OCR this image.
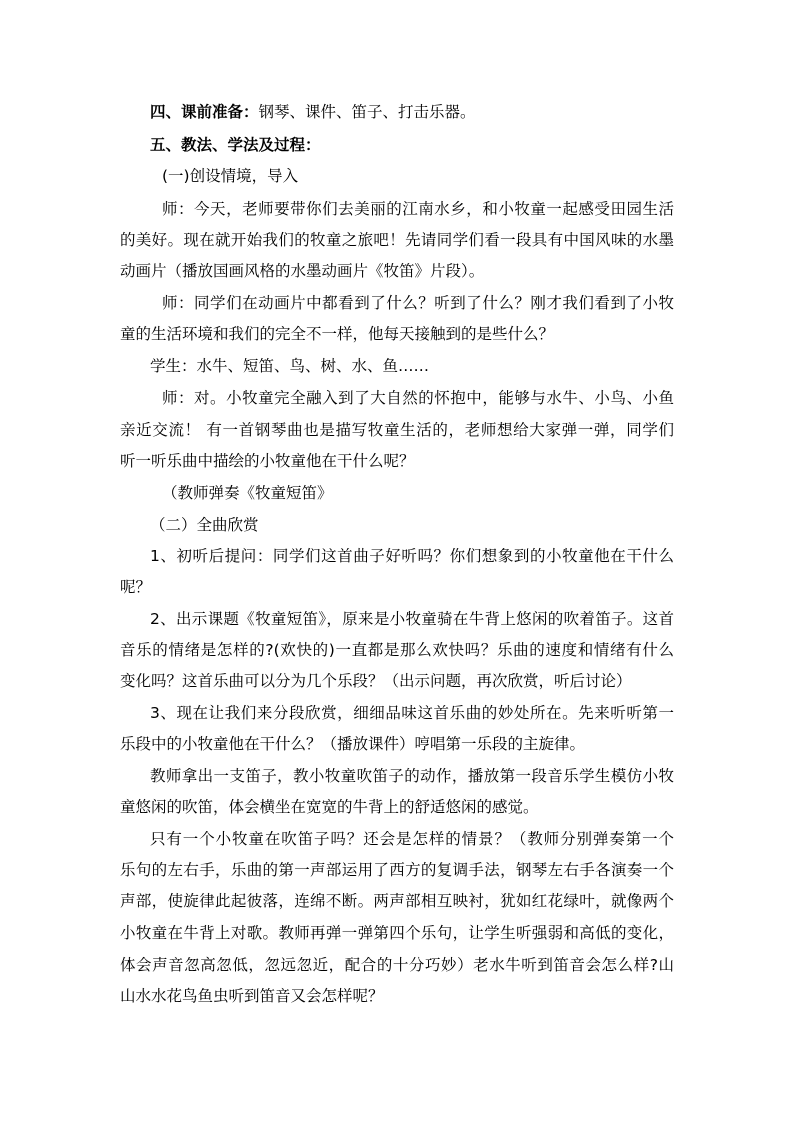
四、课前准备：钢琴、课件、笛子、打击乐器。
五、教法、学法及过程：
(一)创设情境，导入
师：今天，老师要带你们去美丽的江南水乡，和小牧童一起感受田园生活
的美好。现在就开始我们的牧童之旅吧！先请同学们看一段具有中国风味的水墨
动画片（播放国画风格的水墨动画片《牧笛》片段）。
师：同学们在动画片中都看到了什么？听到了什么？刚才我们看到了小牧
童的生活环境和我们的完全不一样，他每天接触到的是些什么？
学生：水牛、短笛、鸟、树、水、鱼……
师：对。小牧童完全融入到了大自然的怀抱中，能够与水牛、小鸟、小鱼
亲近交流！ 有一首钢琴曲也是描写牧童生活的，老师想给大家弹一弹，同学们
听一听乐曲中描绘的小牧童他在干什么呢？
（教师弹奏《牧童短笛》
（二）全曲欣赏
1、初听后提问：同学们这首曲子好听吗？你们想象到的小牧童他在干什么
呢？
2、出示课题《牧童短笛》，原来是小牧童骑在牛背上悠闲的吹着笛子。这首
音乐的情绪是怎样的?(欢快的)一直都是那么欢快吗？乐曲的速度和情绪有什么
变化吗？这首乐曲可以分为几个乐段？（出示问题，再次欣赏，听后讨论）
3、现在让我们来分段欣赏，细细品味这首乐曲的妙处所在。先来听听第一
乐段中的小牧童他在干什么？（播放课件）哼唱第一乐段的主旋律。
教师拿出一支笛子，教小牧童吹笛子的动作，播放第一段音乐学生模仿小牧
童悠闲的吹笛，体会横坐在宽宽的牛背上的舒适悠闲的感觉。
只有一个小牧童在吹笛子吗？还会是怎样的情景？（教师分别弹奏第一个
乐句的左右手，乐曲的第一声部运用了西方的复调手法，钢琴左右手各演奏一个
声部，使旋律此起彼落，连绵不断。两声部相互映衬，犹如红花绿叶，就像两个
小牧童在牛背上对歌。教师再弹一弹第四个乐句，让学生听强弱和高低的变化，
体会声音忽高忽低，忽远忽近，配合的十分巧妙）老水牛听到笛音会怎么样?山
山水水花鸟鱼虫听到笛音又会怎样呢？
